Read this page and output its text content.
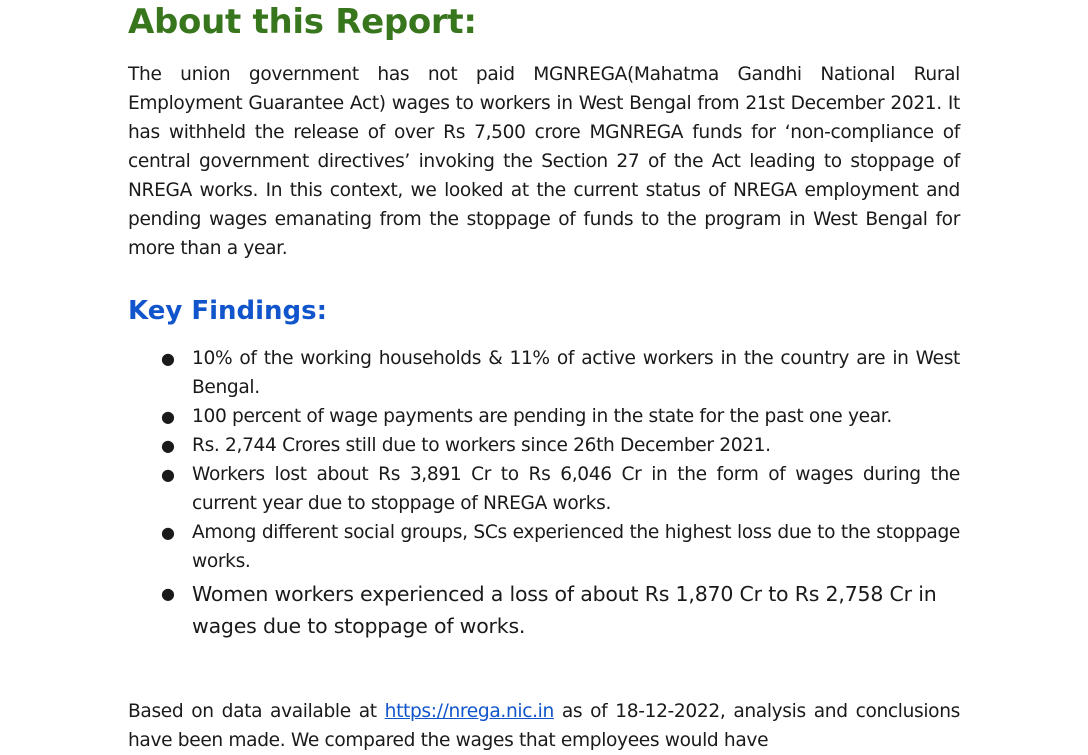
About this Report:

The union government has not paid MGNREGA(Mahatma Gandhi National Rural Employment Guarantee Act) wages to workers in West Bengal from 21st December 2021. It has withheld the release of over Rs 7,500 crore MGNREGA funds for ‘non-compliance of central government directives’ invoking the Section 27 of the Act leading to stoppage of NREGA works. In this context, we looked at the current status of NREGA employment and pending wages emanating from the stoppage of funds to the program in West Bengal for more than a year.

Key Findings:
● 10% of the working households & 11% of active workers in the country are in West Bengal.
● 100 percent of wage payments are pending in the state for the past one year.
● Rs. 2,744 Crores still due to workers since 26th December 2021.
● Workers lost about Rs 3,891 Cr to Rs 6,046 Cr in the form of wages during the current year due to stoppage of NREGA works.
● Among different social groups, SCs experienced the highest loss due to the stoppage works.
● Women workers experienced a loss of about Rs 1,870 Cr to Rs 2,758 Cr in wages due to stoppage of works.

Based on data available at https://nrega.nic.in as of 18-12-2022, analysis and conclusions have been made. We compared the wages that employees would have
